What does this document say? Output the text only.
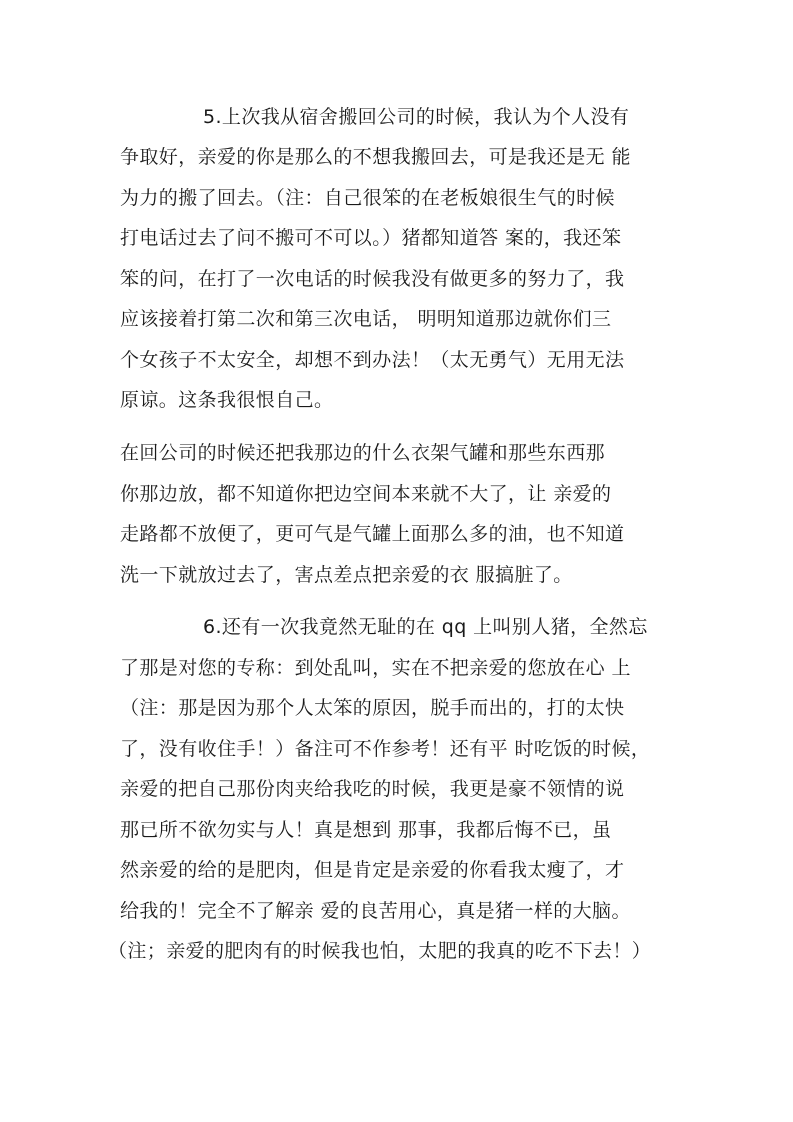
5.上次我从宿舍搬回公司的时候，我认为个人没有
争取好，亲爱的你是那么的不想我搬回去，可是我还是无 能
为力的搬了回去。（注：自己很笨的在老板娘很生气的时候
打电话过去了问不搬可不可以。）猪都知道答 案的，我还笨
笨的问，在打了一次电话的时候我没有做更多的努力了，我
应该接着打第二次和第三次电话， 明明知道那边就你们三
个女孩子不太安全，却想不到办法！（太无勇气）无用无法
原谅。这条我很恨自己。
在回公司的时候还把我那边的什么衣架气罐和那些东西那
你那边放，都不知道你把边空间本来就不大了，让 亲爱的
走路都不放便了，更可气是气罐上面那么多的油，也不知道
洗一下就放过去了，害点差点把亲爱的衣 服搞脏了。
6.还有一次我竟然无耻的在 qq 上叫别人猪，全然忘
了那是对您的专称：到处乱叫，实在不把亲爱的您放在心 上
（注：那是因为那个人太笨的原因，脱手而出的，打的太快
了，没有收住手！）备注可不作参考！还有平 时吃饭的时候，
亲爱的把自己那份肉夹给我吃的时候，我更是豪不领情的说
那已所不欲勿实与人！真是想到 那事，我都后悔不已，虽
然亲爱的给的是肥肉，但是肯定是亲爱的你看我太瘦了，才
给我的！完全不了解亲 爱的良苦用心，真是猪一样的大脑。
（注；亲爱的肥肉有的时候我也怕，太肥的我真的吃不下去！）
